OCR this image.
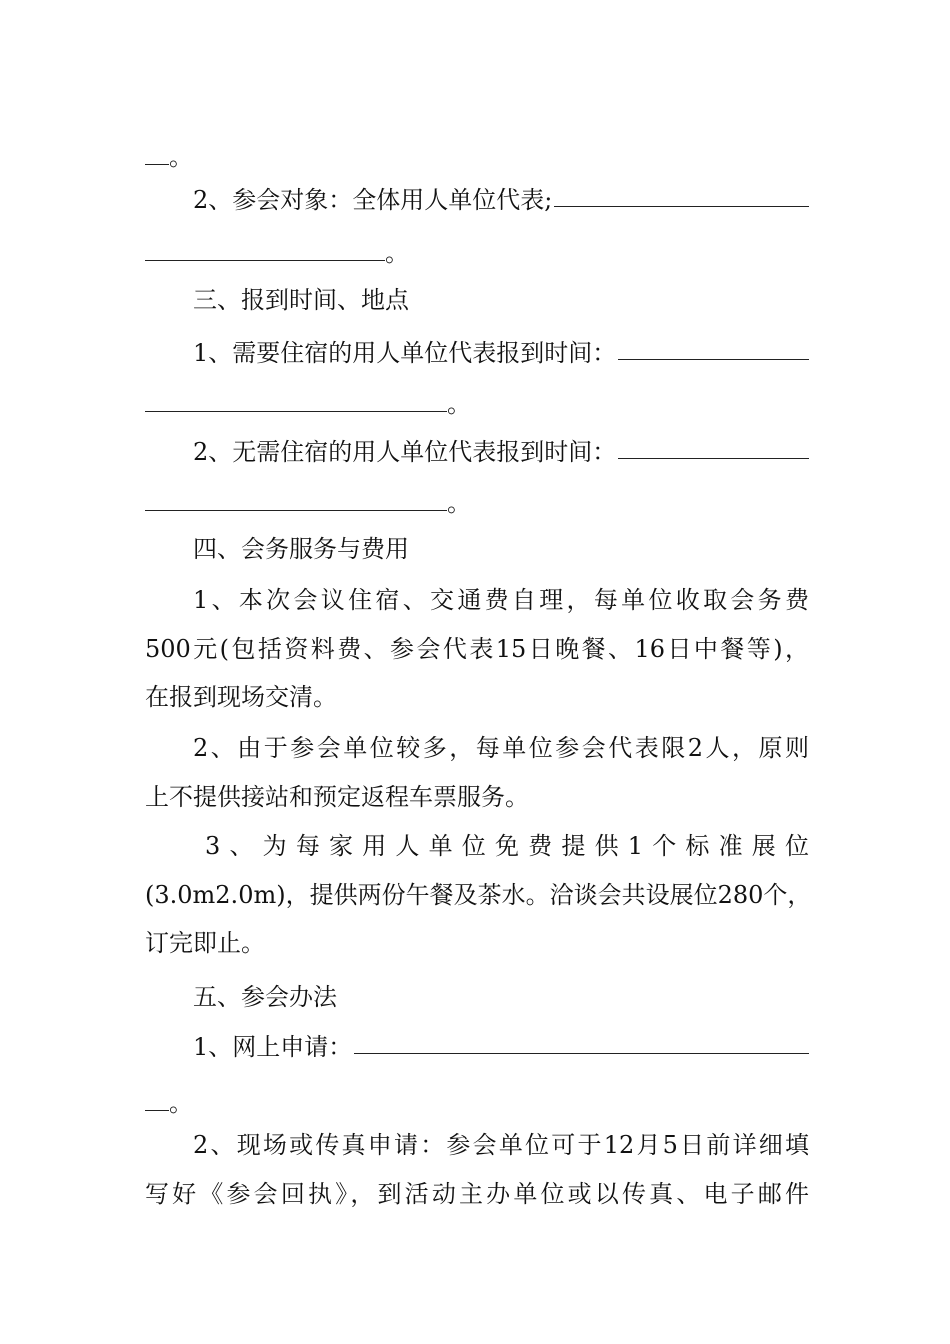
。
2、参会对象：全体用人单位代表;
。
三、报到时间、地点
1、需要住宿的用人单位代表报到时间：
。
2、无需住宿的用人单位代表报到时间：
。
四、会务服务与费用
1、本次会议住宿、交通费自理，每单位收取会务费
500元(包括资料费、参会代表15日晚餐、16日中餐等)，
在报到现场交清。
2、由于参会单位较多，每单位参会代表限2人，原则
上不提供接站和预定返程车票服务。
3、为每家用人单位免费提供1个标准展位
(3.0m2.0m)，提供两份午餐及茶水。洽谈会共设展位280个，
订完即止。
五、参会办法
1、网上申请：
。
2、现场或传真申请：参会单位可于12月5日前详细填
写好《参会回执》，到活动主办单位或以传真、电子邮件
